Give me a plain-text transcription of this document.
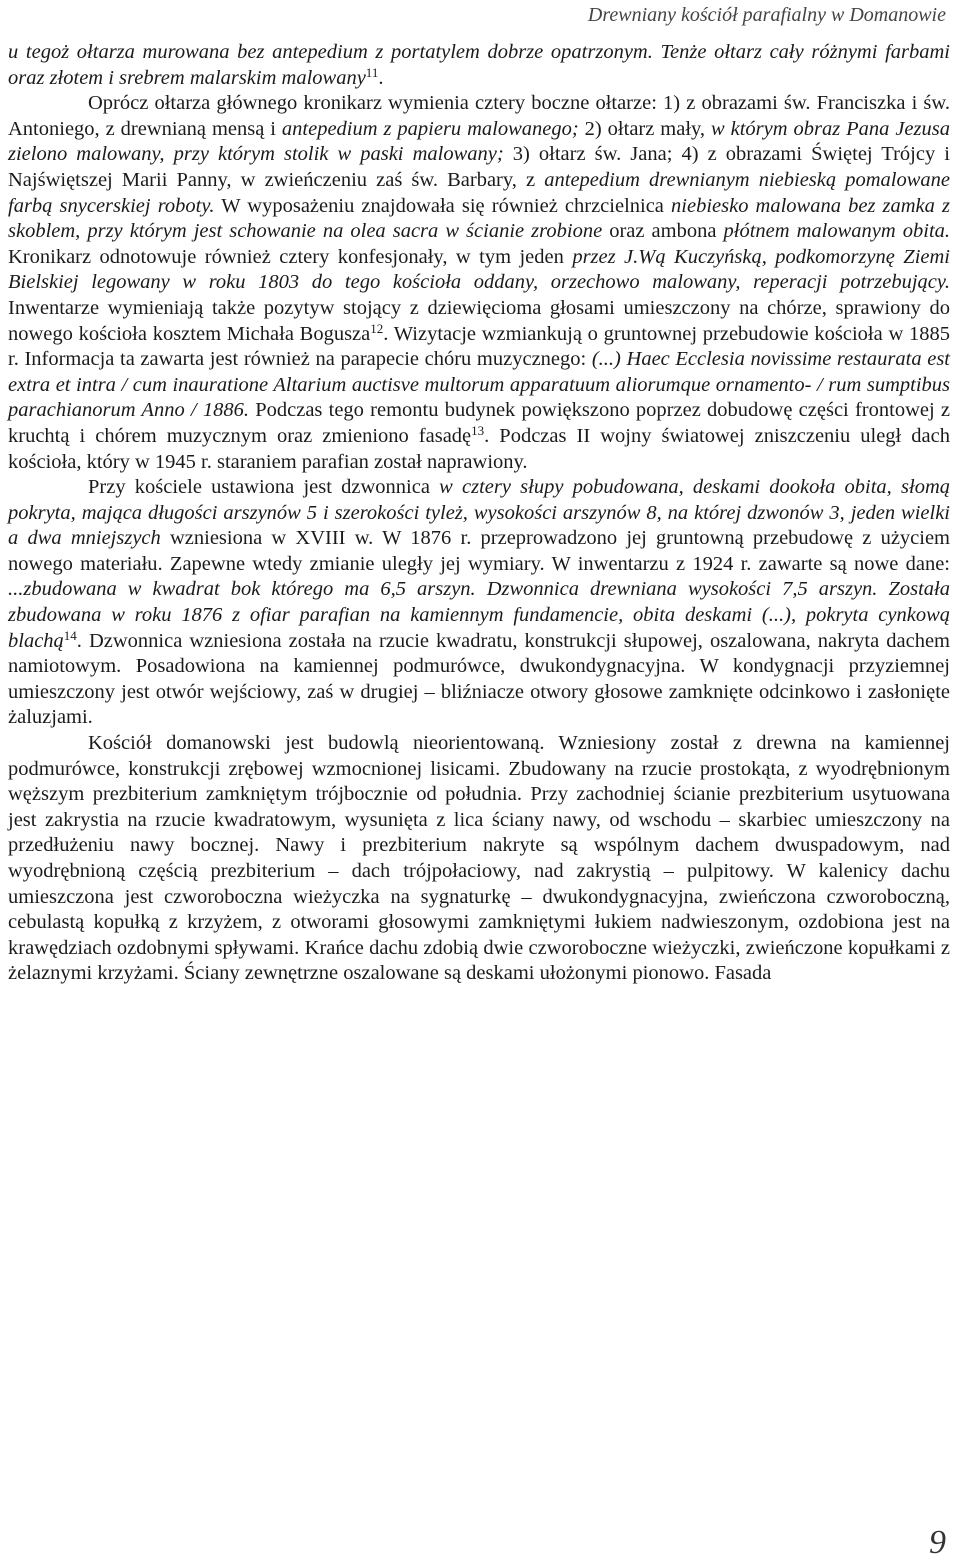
Drewniany kościół parafialny w Domanowie

u tegoż ołtarza murowana bez antepedium z portatylem dobrze opatrzonym. Tenże ołtarz cały różnymi farbami oraz złotem i srebrem malarskim malowany$^{11}$.

Oprócz ołtarza głównego kronikarz wymienia cztery boczne ołtarze: 1) z obrazami św. Franciszka i św. Antoniego, z drewnianą mensą i antepedium z papieru malowanego; 2) ołtarz mały, w którym obraz Pana Jezusa zielono malowany, przy którym stolik w paski malowany; 3) ołtarz św. Jana; 4) z obrazami Świętej Trójcy i Najświętszej Marii Panny, w zwieńczeniu zaś św. Barbary, z antepedium drewnianym niebieską pomalowane farbą snycerskiej roboty. W wyposażeniu znajdowała się również chrzcielnica niebiesko malowana bez zamka z skoblem, przy którym jest schowanie na olea sacra w ścianie zrobione oraz ambona płótnem malowanym obita. Kronikarz odnotowuje również cztery konfesjonały, w tym jeden przez J.Wą Kuczyńską, podkomorzynę Ziemi Bielskiej legowany w roku 1803 do tego kościoła oddany, orzechowo malowany, reperacji potrzebujący. Inwentarze wymieniają także pozytyw stojący z dziewięcioma głosami umieszczony na chórze, sprawiony do nowego kościoła kosztem Michała Bogusza$^{12}$. Wizytacje wzmiankują o gruntownej przebudowie kościoła w 1885 r. Informacja ta zawarta jest również na parapecie chóru muzycznego: (...) Haec Ecclesia novissime restaurata est extra et intra / cum inauratione Altarium auctisve multorum apparatuum aliorumque ornamento- / rum sumptibus parachianorum Anno / 1886. Podczas tego remontu budynek powiększono poprzez dobudowę części frontowej z kruchtą i chórem muzycznym oraz zmieniono fasadę$^{13}$. Podczas II wojny światowej zniszczeniu uległ dach kościoła, który w 1945 r. staraniem parafian został naprawiony.

Przy kościele ustawiona jest dzwonnica w cztery słupy pobudowana, deskami dookoła obita, słomą pokryta, mająca długości arszynów 5 i szerokości tyleż, wysokości arszynów 8, na której dzwonów 3, jeden wielki a dwa mniejszych wzniesiona w XVIII w. W 1876 r. przeprowadzono jej gruntowną przebudowę z użyciem nowego materiału. Zapewne wtedy zmianie uległy jej wymiary. W inwentarzu z 1924 r. zawarte są nowe dane: ...zbudowana w kwadrat bok którego ma 6,5 arszyn. Dzwonnica drewniana wysokości 7,5 arszyn. Została zbudowana w roku 1876 z ofiar parafian na kamiennym fundamencie, obita deskami (...), pokryta cynkową blachą$^{14}$. Dzwonnica wzniesiona została na rzucie kwadratu, konstrukcji słupowej, oszalowana, nakryta dachem namiotowym. Posadowiona na kamiennej podmurówce, dwukondygnacyjna. W kondygnacji przyziemnej umieszczony jest otwór wejściowy, zaś w drugiej – bliźniacze otwory głosowe zamknięte odcinkowo i zasłonięte żaluzjami.

Kościół domanowski jest budowlą nieorientowaną. Wzniesiony został z drewna na kamiennej podmurówce, konstrukcji zrębowej wzmocnionej lisicami. Zbudowany na rzucie prostokąta, z wyodrębnionym węższym prezbiterium zamkniętym trójbocznie od południa. Przy zachodniej ścianie prezbiterium usytuowana jest zakrystia na rzucie kwadratowym, wysunięta z lica ściany nawy, od wschodu – skarbiec umieszczony na przedłużeniu nawy bocznej. Nawy i prezbiterium nakryte są wspólnym dachem dwuspadowym, nad wyodrębnioną częścią prezbiterium – dach trójpołaciowy, nad zakrystią – pulpitowy. W kalenicy dachu umieszczona jest czworoboczna wieżyczka na sygnaturkę – dwukondygnacyjna, zwieńczona czworoboczną, cebulastą kopułką z krzyżem, z otworami głosowymi zamkniętymi łukiem nadwieszonym, ozdobiona jest na krawędziach ozdobnymi spływami. Krańce dachu zdobią dwie czworoboczne wieżyczki, zwieńczone kopułkami z żelaznymi krzyżami. Ściany zewnętrzne oszalowane są deskami ułożonymi pionowo. Fasada

9
